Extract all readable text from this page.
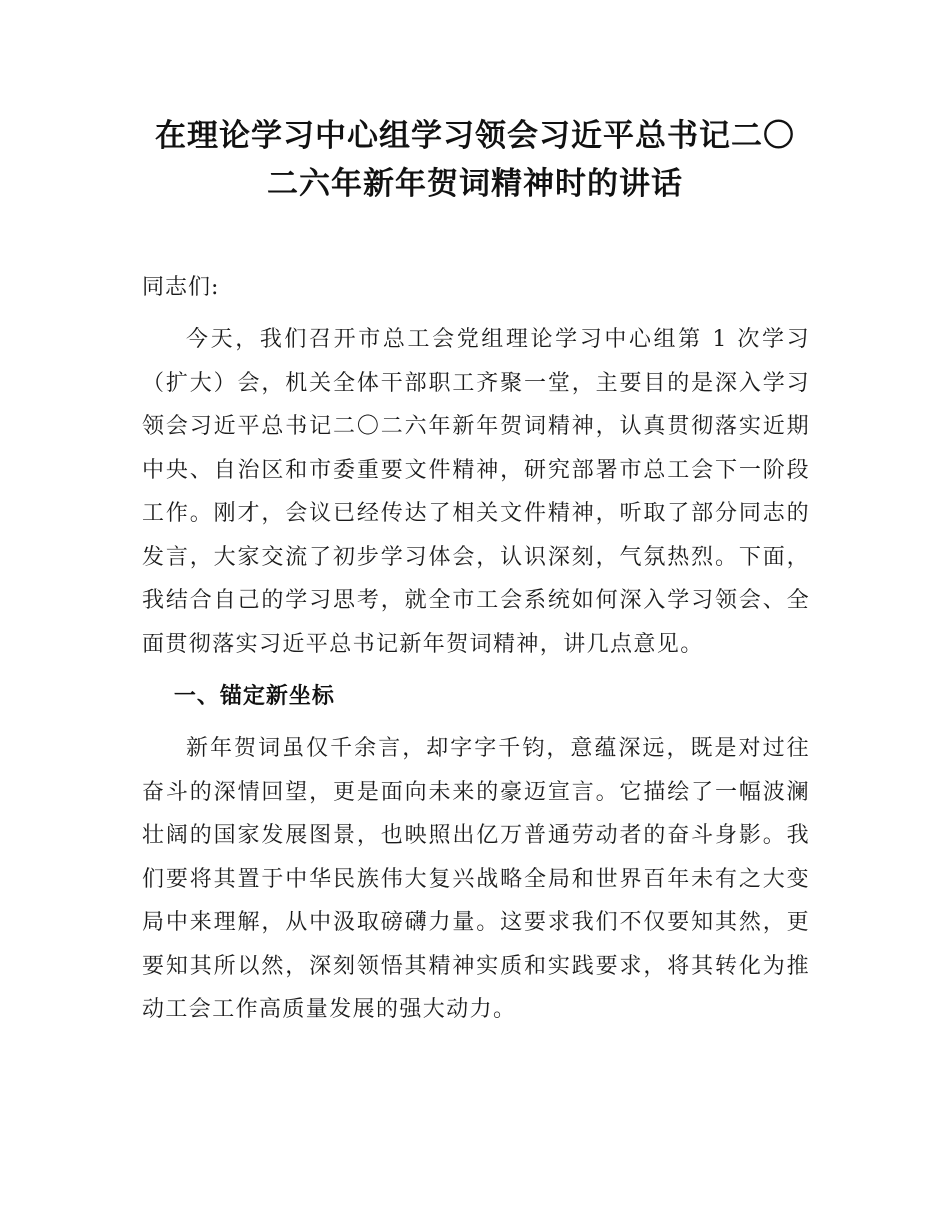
在理论学习中心组学习领会习近平总书记二〇
二六年新年贺词精神时的讲话

同志们:

今天，我们召开市总工会党组理论学习中心组第 1 次学习（扩大）会，机关全体干部职工齐聚一堂，主要目的是深入学习领会习近平总书记二〇二六年新年贺词精神，认真贯彻落实近期中央、自治区和市委重要文件精神，研究部署市总工会下一阶段工作。刚才，会议已经传达了相关文件精神，听取了部分同志的发言，大家交流了初步学习体会，认识深刻，气氛热烈。下面，我结合自己的学习思考，就全市工会系统如何深入学习领会、全面贯彻落实习近平总书记新年贺词精神，讲几点意见。

一、锚定新坐标

新年贺词虽仅千余言，却字字千钧，意蕴深远，既是对过往奋斗的深情回望，更是面向未来的豪迈宣言。它描绘了一幅波澜壮阔的国家发展图景，也映照出亿万普通劳动者的奋斗身影。我们要将其置于中华民族伟大复兴战略全局和世界百年未有之大变局中来理解，从中汲取磅礴力量。这要求我们不仅要知其然，更要知其所以然，深刻领悟其精神实质和实践要求，将其转化为推动工会工作高质量发展的强大动力。
